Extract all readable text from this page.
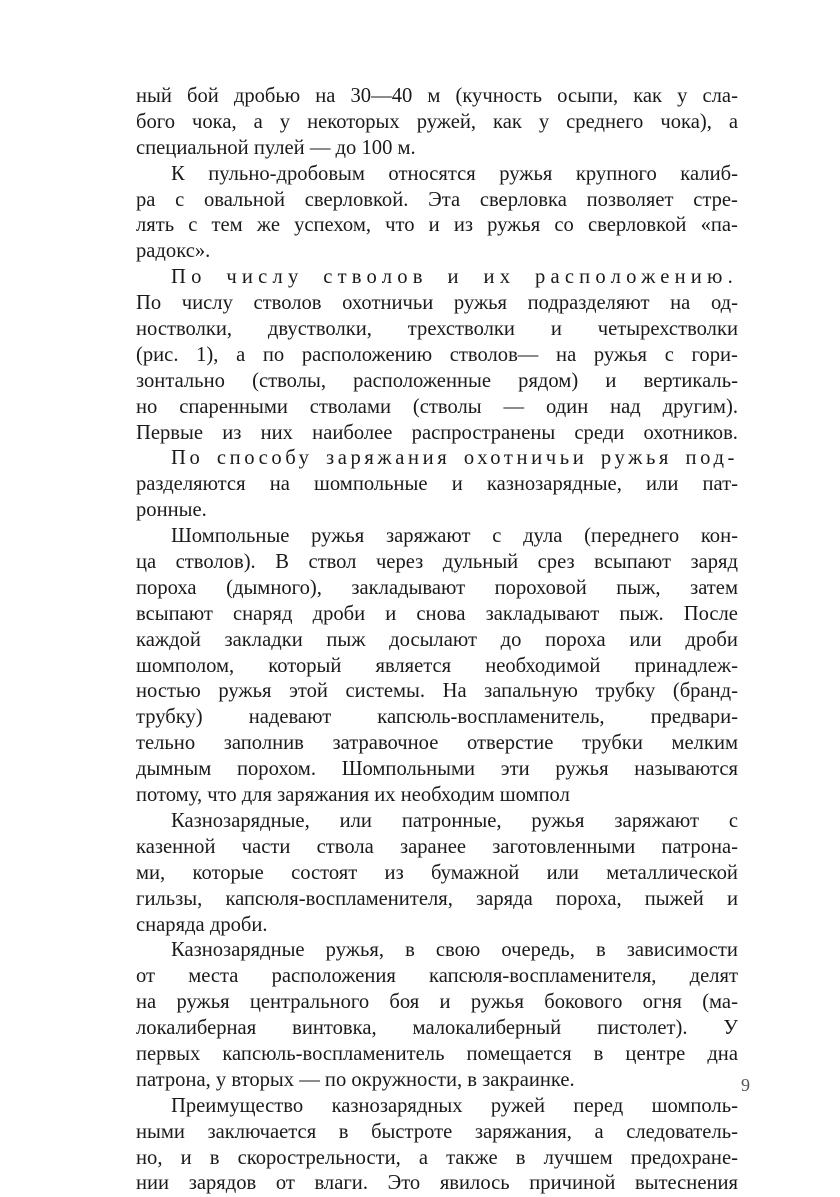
ный бой дробью на 30—40 м (кучность осыпи, как у сла-
бого чока, а у некоторых ружей, как у среднего чока), а
специальной пулей — до 100 м.
К пульно-дробовым относятся ружья крупного калиб-
ра с овальной сверловкой. Эта сверловка позволяет стре-
лять с тем же успехом, что и из ружья со сверловкой «па-
радокс».
По числу стволов и их расположению.
По числу стволов охотничьи ружья подразделяют на од-
ностволки, двустволки, трехстволки и четырехстволки
(рис. 1), а по расположению стволов— на ружья с гори-
зонтально (стволы, расположенные рядом) и вертикаль-
но спаренными стволами (стволы — один над другим).
Первые из них наиболее распространены среди охотников.
По способу заряжания охотничьи ружья под-
разделяются на шомпольные и казнозарядные, или пат-
ронные.
Шомпольные ружья заряжают с дула (переднего кон-
ца стволов). В ствол через дульный срез всыпают заряд
пороха (дымного), закладывают пороховой пыж, затем
всыпают снаряд дроби и снова закладывают пыж. После
каждой закладки пыж досылают до пороха или дроби
шомполом, который является необходимой принадлеж-
ностью ружья этой системы. На запальную трубку (бранд-
трубку) надевают капсюль-воспламенитель, предвари-
тельно заполнив затравочное отверстие трубки мелким
дымным порохом. Шомпольными эти ружья называются
потому, что для заряжания их необходим шомпол
Казнозарядные, или патронные, ружья заряжают с
казенной части ствола заранее заготовленными патрона-
ми, которые состоят из бумажной или металлической
гильзы, капсюля-воспламенителя, заряда пороха, пыжей и
снаряда дроби.
Казнозарядные ружья, в свою очередь, в зависимости
от места расположения капсюля-воспламенителя, делят
на ружья центрального боя и ружья бокового огня (ма-
локалиберная винтовка, малокалиберный пистолет). У
первых капсюль-воспламенитель помещается в центре дна
патрона, у вторых — по окружности, в закраинке.
Преимущество казнозарядных ружей перед шомполь-
ными заключается в быстроте заряжания, а следователь-
но, и в скорострельности, а также в лучшем предохране-
нии зарядов от влаги. Это явилось причиной вытеснения
9
